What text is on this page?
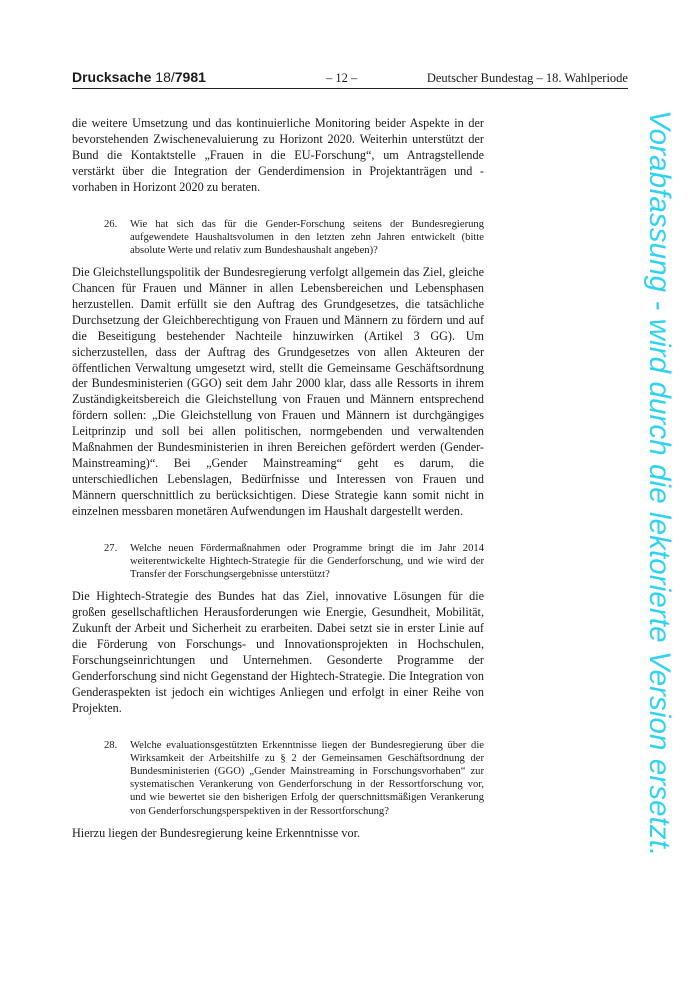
Drucksache 18/7981	– 12 –	Deutscher Bundestag – 18. Wahlperiode

die weitere Umsetzung und das kontinuierliche Monitoring beider Aspekte in der bevorstehenden Zwischenevaluierung zu Horizont 2020. Weiterhin unterstützt der Bund die Kontaktstelle „Frauen in die EU-Forschung“, um Antragstellende verstärkt über die Integration der Genderdimension in Projektanträgen und -vorhaben in Horizont 2020 zu beraten.

26.	Wie hat sich das für die Gender-Forschung seitens der Bundesregierung aufgewendete Haushaltsvolumen in den letzten zehn Jahren entwickelt (bitte absolute Werte und relativ zum Bundeshaushalt angeben)?

Die Gleichstellungspolitik der Bundesregierung verfolgt allgemein das Ziel, gleiche Chancen für Frauen und Männer in allen Lebensbereichen und Lebensphasen herzustellen. Damit erfüllt sie den Auftrag des Grundgesetzes, die tatsächliche Durchsetzung der Gleichberechtigung von Frauen und Männern zu fördern und auf die Beseitigung bestehender Nachteile hinzuwirken (Artikel 3 GG). Um sicherzustellen, dass der Auftrag des Grundgesetzes von allen Akteuren der öffentlichen Verwaltung umgesetzt wird, stellt die Gemeinsame Geschäftsordnung der Bundesministerien (GGO) seit dem Jahr 2000 klar, dass alle Ressorts in ihrem Zuständigkeitsbereich die Gleichstellung von Frauen und Männern entsprechend fördern sollen: „Die Gleichstellung von Frauen und Männern ist durchgängiges Leitprinzip und soll bei allen politischen, normgebenden und verwaltenden Maßnahmen der Bundesministerien in ihren Bereichen gefördert werden (Gender-Mainstreaming)“. Bei „Gender Mainstreaming“ geht es darum, die unterschiedlichen Lebenslagen, Bedürfnisse und Interessen von Frauen und Männern querschnittlich zu berücksichtigen. Diese Strategie kann somit nicht in einzelnen messbaren monetären Aufwendungen im Haushalt dargestellt werden.

27.	Welche neuen Fördermaßnahmen oder Programme bringt die im Jahr 2014 weiterentwickelte Hightech-Strategie für die Genderforschung, und wie wird der Transfer der Forschungsergebnisse unterstützt?

Die Hightech-Strategie des Bundes hat das Ziel, innovative Lösungen für die großen gesellschaftlichen Herausforderungen wie Energie, Gesundheit, Mobilität, Zukunft der Arbeit und Sicherheit zu erarbeiten. Dabei setzt sie in erster Linie auf die Förderung von Forschungs- und Innovationsprojekten in Hochschulen, Forschungseinrichtungen und Unternehmen. Gesonderte Programme der Genderforschung sind nicht Gegenstand der Hightech-Strategie. Die Integration von Genderaspekten ist jedoch ein wichtiges Anliegen und erfolgt in einer Reihe von Projekten.

28.	Welche evaluationsgestützten Erkenntnisse liegen der Bundesregierung über die Wirksamkeit der Arbeitshilfe zu § 2 der Gemeinsamen Geschäftsordnung der Bundesministerien (GGO) „Gender Mainstreaming in Forschungsvorhaben“ zur systematischen Verankerung von Genderforschung in der Ressortforschung vor, und wie bewertet sie den bisherigen Erfolg der querschnittsmäßigen Verankerung von Genderforschungsperspektiven in der Ressortforschung?

Hierzu liegen der Bundesregierung keine Erkenntnisse vor.	Vorabfassung - wird durch die lektorierte Version ersetzt.
